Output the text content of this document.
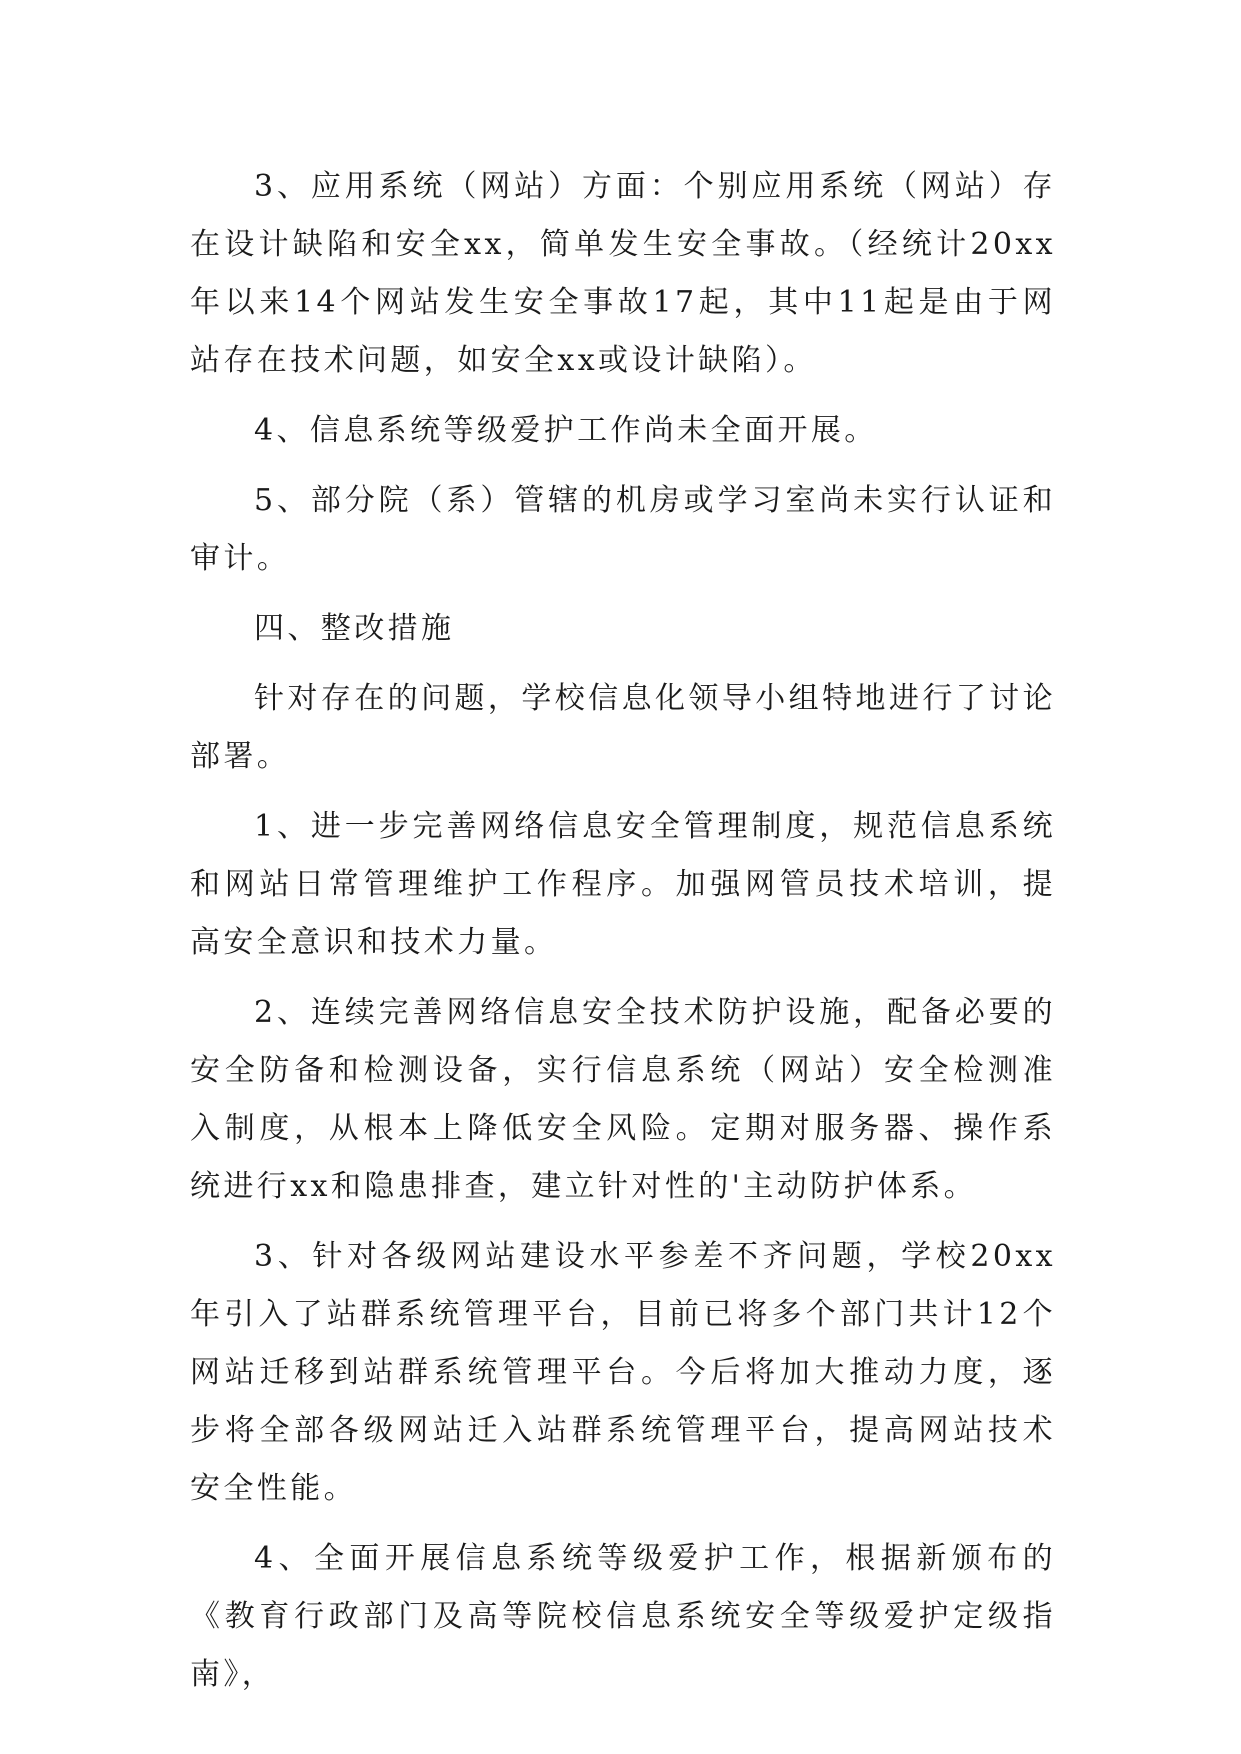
3、应用系统（网站）方面：个别应用系统（网站）存在设计缺陷和安全xx，简单发生安全事故。（经统计20xx年以来14个网站发生安全事故17起，其中11起是由于网站存在技术问题，如安全xx或设计缺陷）。

4、信息系统等级爱护工作尚未全面开展。

5、部分院（系）管辖的机房或学习室尚未实行认证和审计。

四、整改措施

针对存在的问题，学校信息化领导小组特地进行了讨论部署。

1、进一步完善网络信息安全管理制度，规范信息系统和网站日常管理维护工作程序。加强网管员技术培训，提高安全意识和技术力量。

2、连续完善网络信息安全技术防护设施，配备必要的安全防备和检测设备，实行信息系统（网站）安全检测准入制度，从根本上降低安全风险。定期对服务器、操作系统进行xx和隐患排查，建立针对性的'主动防护体系。

3、针对各级网站建设水平参差不齐问题，学校20xx年引入了站群系统管理平台，目前已将多个部门共计12个网站迁移到站群系统管理平台。今后将加大推动力度，逐步将全部各级网站迁入站群系统管理平台，提高网站技术安全性能。

4、全面开展信息系统等级爱护工作，根据新颁布的《教育行政部门及高等院校信息系统安全等级爱护定级指南》，
